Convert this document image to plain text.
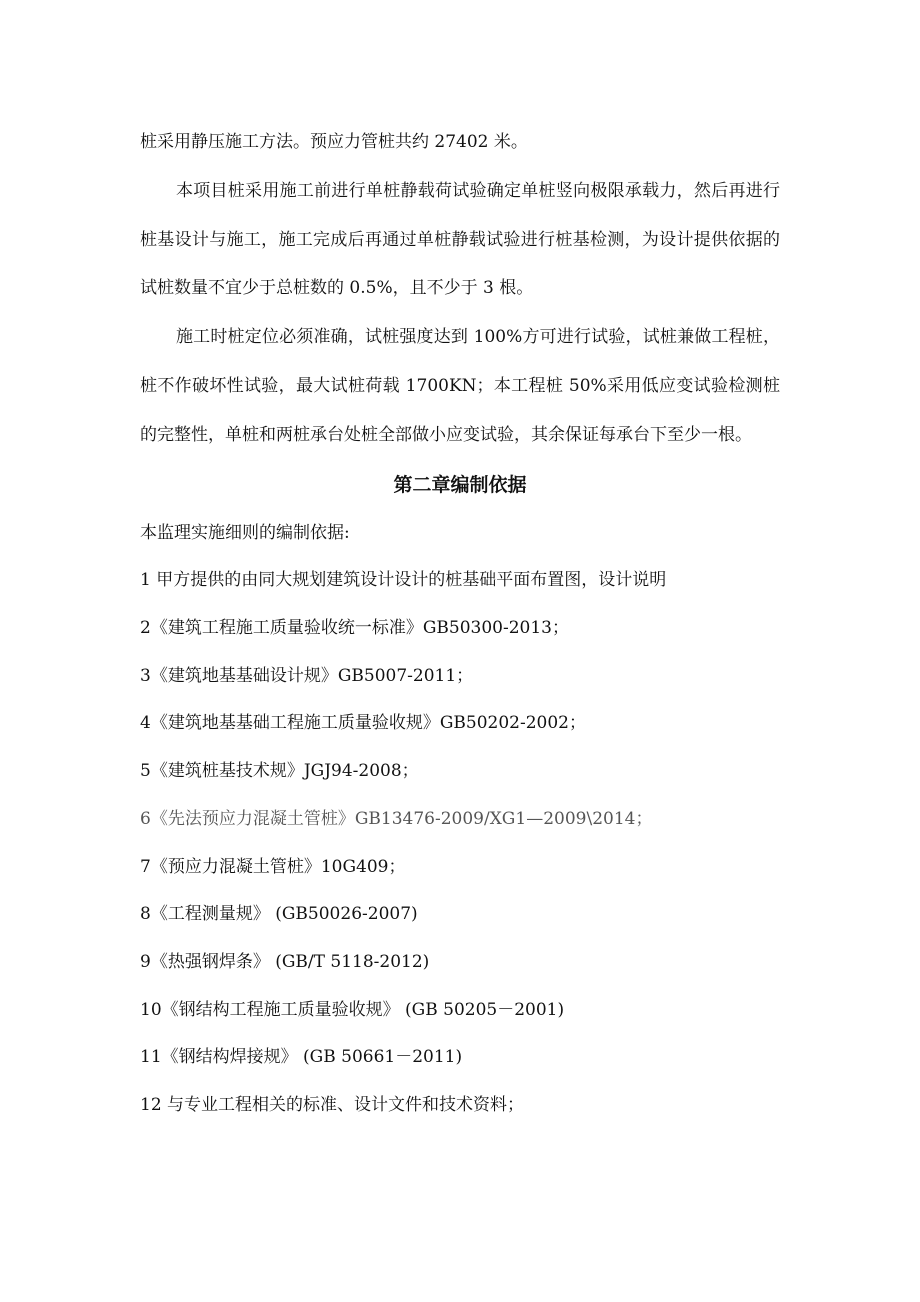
桩采用静压施工方法。预应力管桩共约 27402 米。

本项目桩采用施工前进行单桩静载荷试验确定单桩竖向极限承载力，然后再进行桩基设计与施工，施工完成后再通过单桩静载试验进行桩基检测，为设计提供依据的试桩数量不宜少于总桩数的 0.5%，且不少于 3 根。

施工时桩定位必须准确，试桩强度达到 100%方可进行试验，试桩兼做工程桩，桩不作破坏性试验，最大试桩荷载 1700KN；本工程桩 50%采用低应变试验检测桩的完整性，单桩和两桩承台处桩全部做小应变试验，其余保证每承台下至少一根。

第二章编制依据
本监理实施细则的编制依据:
1 甲方提供的由同大规划建筑设计设计的桩基础平面布置图，设计说明
2《建筑工程施工质量验收统一标准》GB50300-2013；
3《建筑地基基础设计规》GB5007-2011；
4《建筑地基基础工程施工质量验收规》GB50202-2002；
5《建筑桩基技术规》JGJ94-2008；
6《先法预应力混凝土管桩》GB13476-2009/XG1—2009\2014；
7《预应力混凝土管桩》10G409；
8《工程测量规》 (GB50026-2007)
9《热强钢焊条》 (GB/T 5118-2012)
10《钢结构工程施工质量验收规》 (GB 50205－2001)
11《钢结构焊接规》 (GB 50661－2011)
12 与专业工程相关的标准、设计文件和技术资料；
